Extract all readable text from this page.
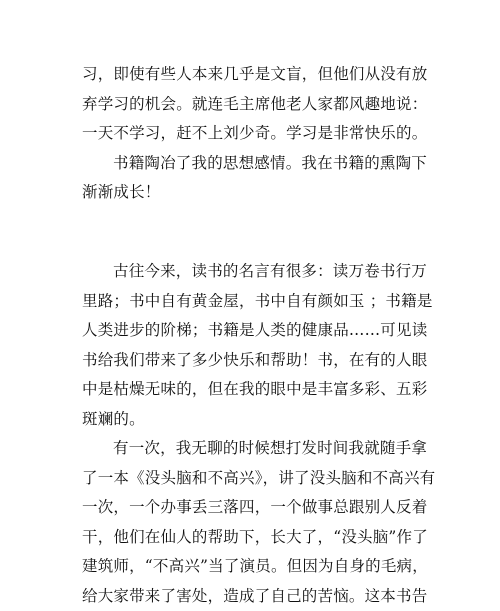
习，即使有些人本来几乎是文盲，但他们从没有放
弃学习的机会。就连毛主席他老人家都风趣地说：
一天不学习，赶不上刘少奇。学习是非常快乐的。
书籍陶冶了我的思想感情。我在书籍的熏陶下
渐渐成长！
古往今来，读书的名言有很多：读万卷书行万
里路；书中自有黄金屋，书中自有颜如玉 ；书籍是
人类进步的阶梯；书籍是人类的健康品……可见读
书给我们带来了多少快乐和帮助！书，在有的人眼
中是枯燥无味的，但在我的眼中是丰富多彩、五彩
斑斓的。
有一次，我无聊的时候想打发时间我就随手拿
了一本《没头脑和不高兴》，讲了没头脑和不高兴有
一次，一个办事丢三落四，一个做事总跟别人反着
干，他们在仙人的帮助下，长大了，“没头脑”作了
建筑师，“不高兴”当了演员。但因为自身的毛病，
给大家带来了害处，造成了自己的苦恼。这本书告
